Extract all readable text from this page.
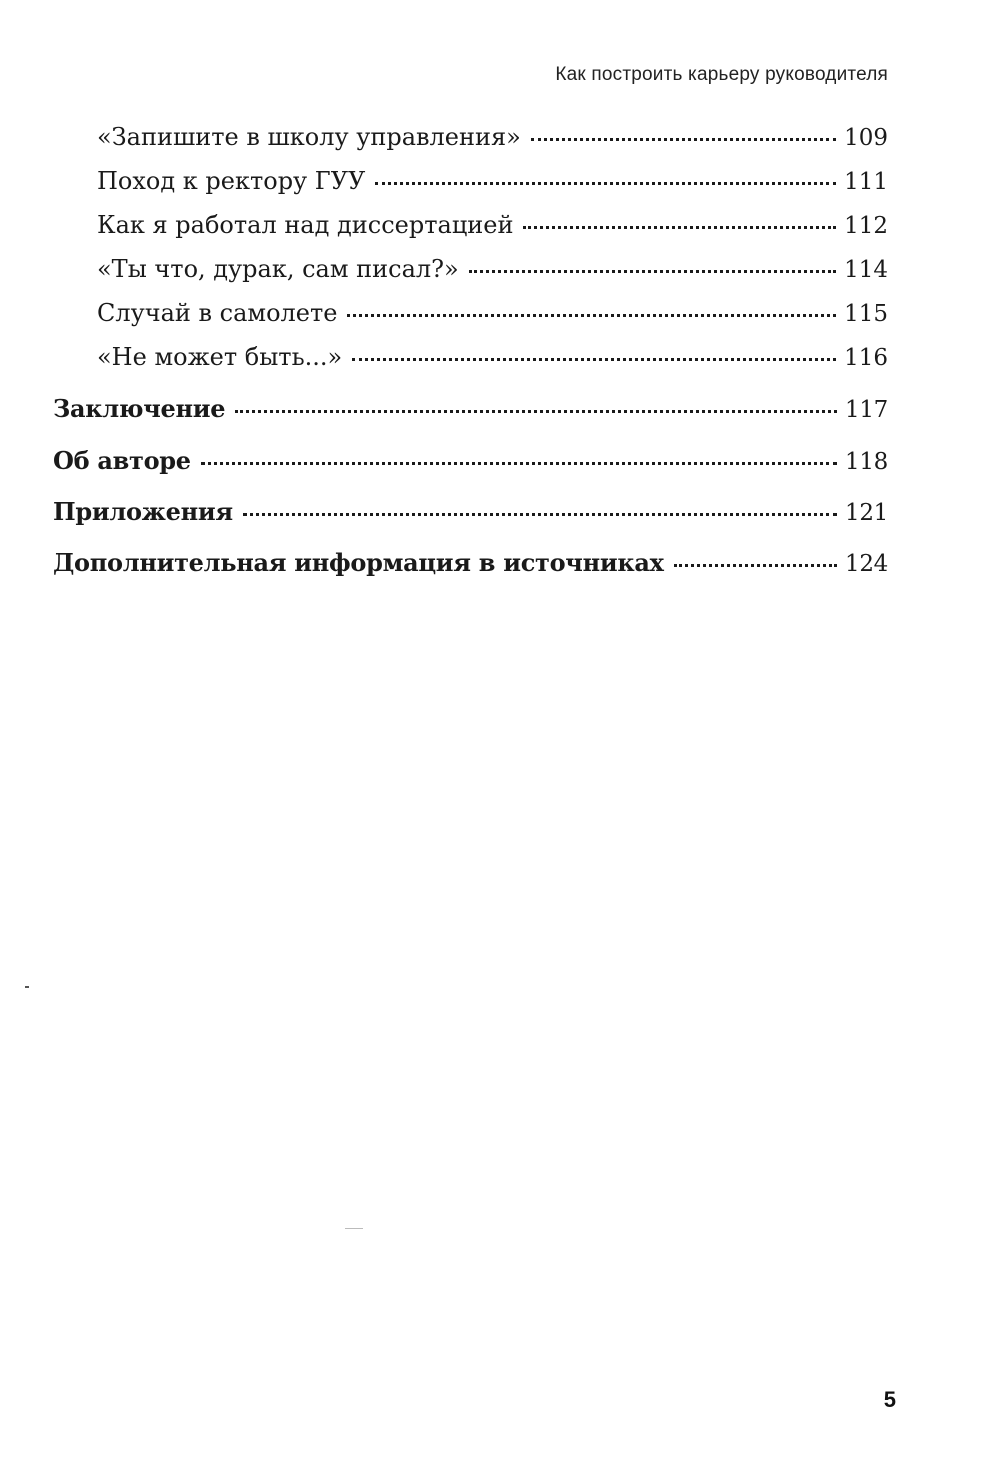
Как построить карьеру руководителя
«Запишите в школу управления»	109
Поход к ректору ГУУ	111
Как я работал над диссертацией	112
«Ты что, дурак, сам писал?»	114
Случай в самолете	115
«Не может быть...»	116
Заключение	117
Об авторе	118
Приложения	121
Дополнительная информация в источниках	124
5
